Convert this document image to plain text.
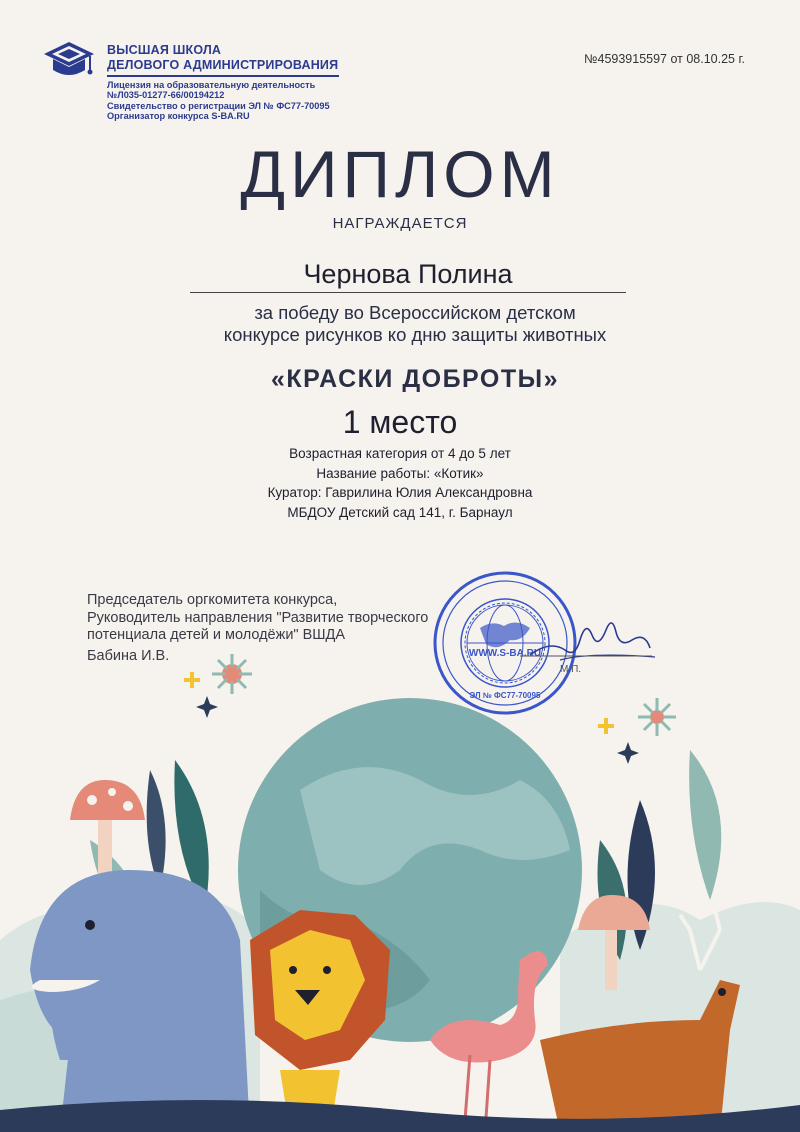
ВЫСШАЯ ШКОЛА
ДЕЛОВОГО АДМИНИСТРИРОВАНИЯ
Лицензия на образовательную деятельность
№Л035-01277-66/00194212
Свидетельство о регистрации ЭЛ № ФС77-70095
Организатор конкурса S-BA.RU
№4593915597 от 08.10.25 г.
ДИПЛОМ
НАГРАЖДАЕТСЯ
Чернова Полина
за победу во Всероссийском детском
конкурсе рисунков ко дню защиты животных
«КРАСКИ ДОБРОТЫ»
1 место
Возрастная категория от 4 до 5 лет
Название работы: «Котик»
Куратор: Гаврилина Юлия Александровна
МБДОУ Детский сад 141, г. Барнаул
Председатель оргкомитета конкурса,
Руководитель направления "Развитие творческого
потенциала детей и молодёжи" ВШДА
Бабина И.В.	WWW.S-BA.RU
ЭЛ № ФС77-70095
М.П.
